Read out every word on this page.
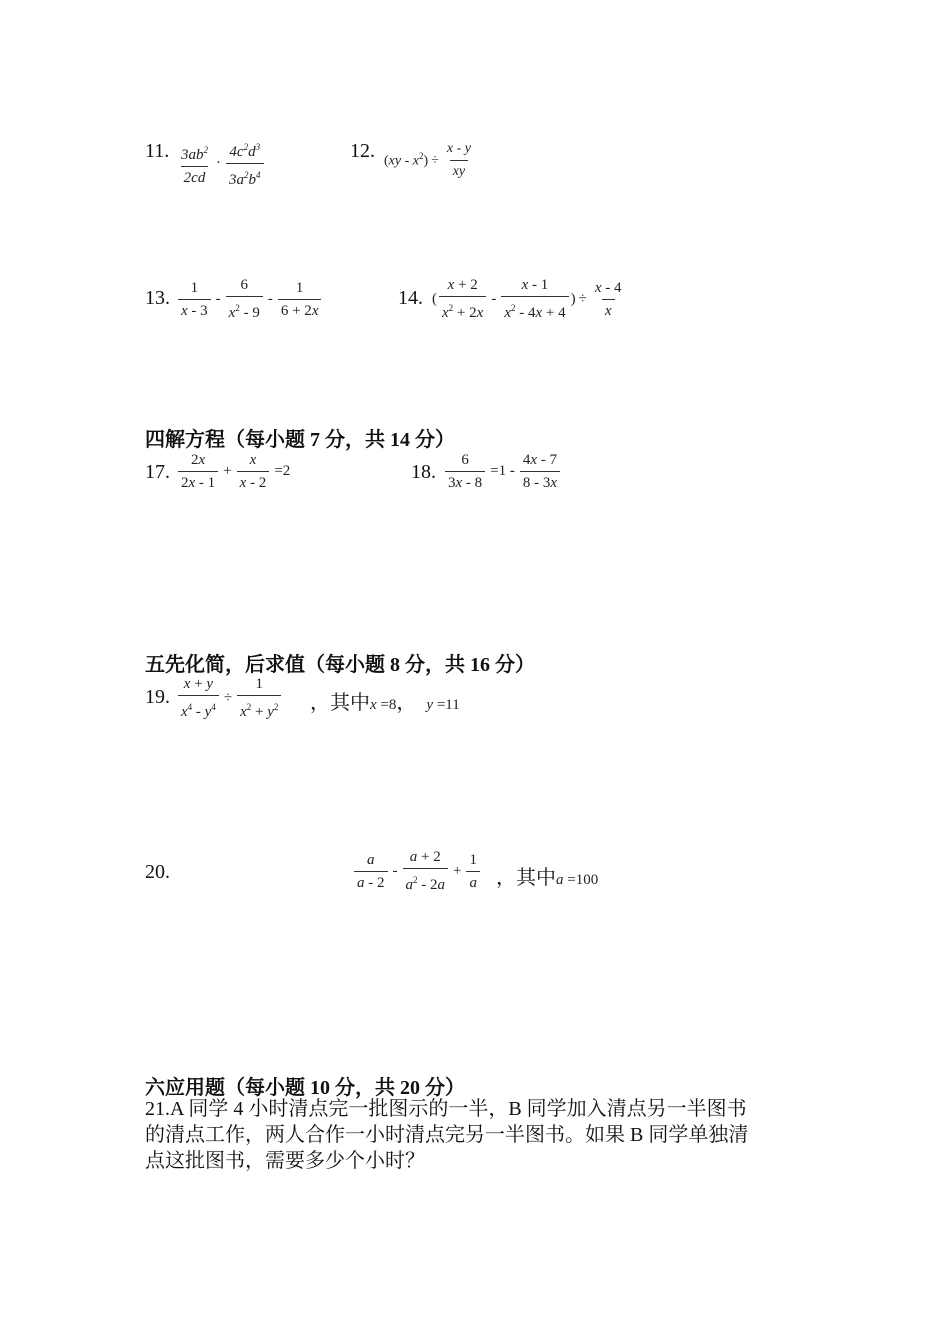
11. $\frac{3ab^2}{2cd} \cdot \frac{4c^2d^3}{3a^2b^4}$	12. $(xy - x^2) \div \frac{x - y}{xy}$
13. $\frac{1}{x - 3} - \frac{6}{x^2 - 9} - \frac{1}{6 + 2x}$	14. ( $\frac{x + 2}{x^2 + 2x} - \frac{x - 1}{x^2 - 4x + 4}$ ) ÷ $\frac{x - 4}{x}$
四解方程（每小题 7 分，共 14 分）
17. $\frac{2x}{2x - 1} + \frac{x}{x - 2} =2$	18. $\frac{6}{3x - 8} =1 - \frac{4x - 7}{8 - 3x}$
五先化简，后求值（每小题 8 分，共 16 分）
19. $\frac{x + y}{x^4 - y^4} \div \frac{1}{x^2 + y^2}$ ，其中 x =8， y =11
20.	$\frac{a}{a - 2} - \frac{a + 2}{a^2 - 2a} + \frac{1}{a}$ ，其中 a =100
六应用题（每小题 10 分，共 20 分）
21.A 同学 4 小时清点完一批图示的一半，B 同学加入清点另一半图书
的清点工作，两人合作一小时清点完另一半图书。如果 B 同学单独清
点这批图书，需要多少个小时？
